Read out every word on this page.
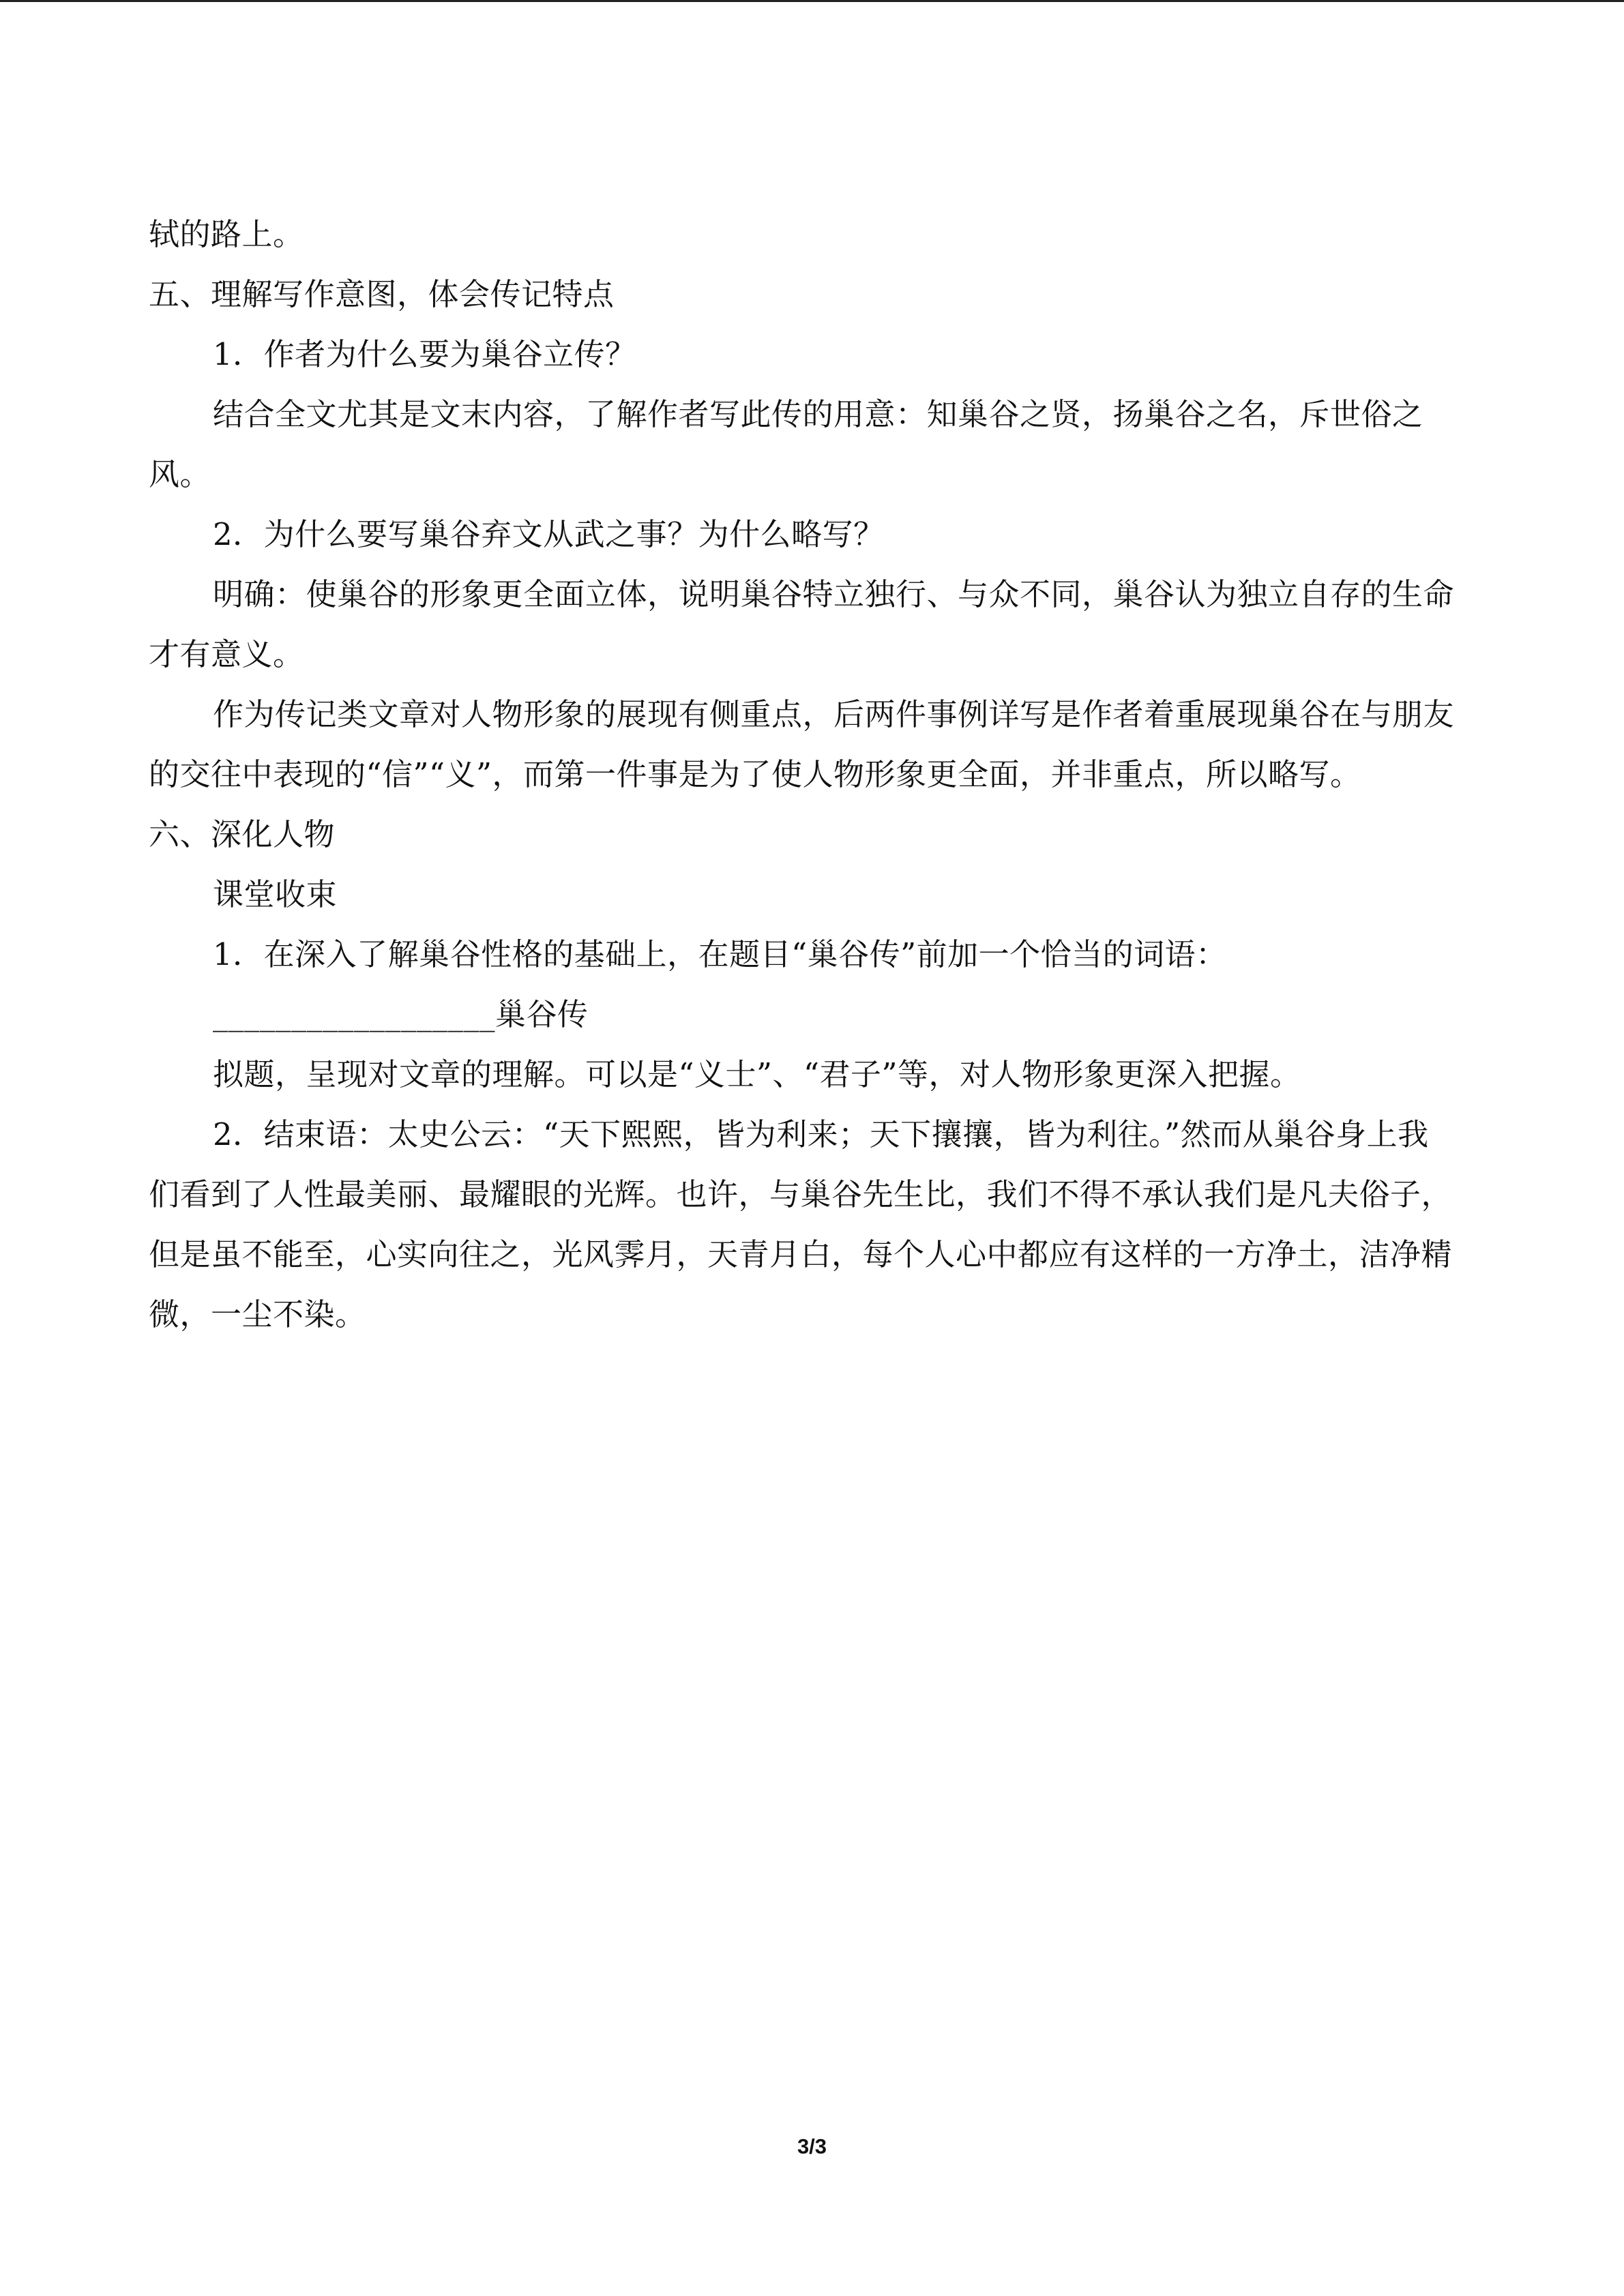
轼的路上。

五、理解写作意图，体会传记特点

1．作者为什么要为巢谷立传？

结合全文尤其是文末内容，了解作者写此传的用意：知巢谷之贤，扬巢谷之名，斥世俗之风。

2．为什么要写巢谷弃文从武之事？为什么略写？

明确：使巢谷的形象更全面立体，说明巢谷特立独行、与众不同，巢谷认为独立自存的生命才有意义。

作为传记类文章对人物形象的展现有侧重点，后两件事例详写是作者着重展现巢谷在与朋友的交往中表现的“信”“义”，而第一件事是为了使人物形象更全面，并非重点，所以略写。

六、深化人物

课堂收束

1．在深入了解巢谷性格的基础上，在题目“巢谷传”前加一个恰当的词语：

__________________巢谷传

拟题，呈现对文章的理解。可以是“义士”、“君子”等，对人物形象更深入把握。

2．结束语：太史公云：“天下熙熙，皆为利来；天下攘攘，皆为利往。”然而从巢谷身上我们看到了人性最美丽、最耀眼的光辉。也许，与巢谷先生比，我们不得不承认我们是凡夫俗子，但是虽不能至，心实向往之，光风霁月，天青月白，每个人心中都应有这样的一方净土，洁净精微，一尘不染。

3/3
